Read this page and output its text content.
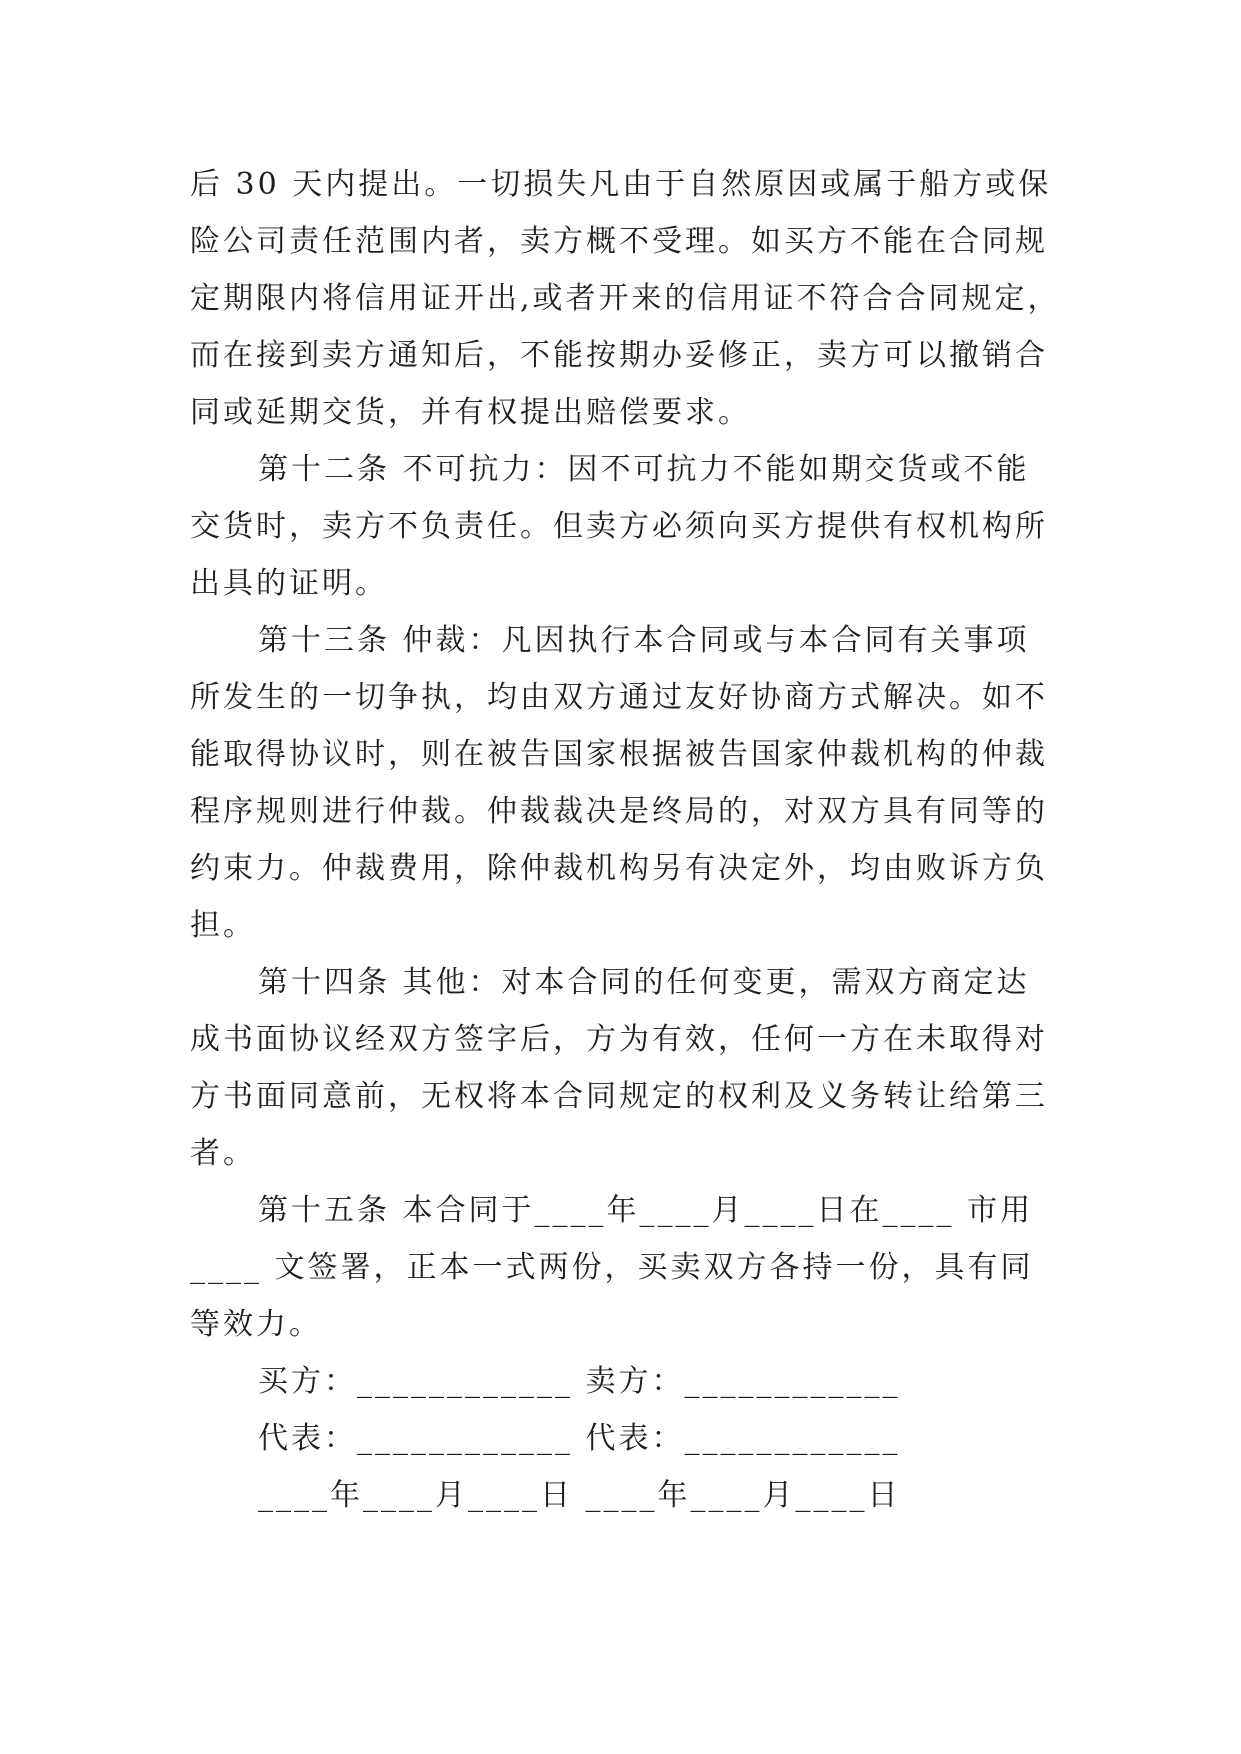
后 30 天内提出。一切损失凡由于自然原因或属于船方或保
险公司责任范围内者，卖方概不受理。如买方不能在合同规
定期限内将信用证开出,或者开来的信用证不符合合同规定，
而在接到卖方通知后，不能按期办妥修正，卖方可以撤销合
同或延期交货，并有权提出赔偿要求。
第十二条 不可抗力：因不可抗力不能如期交货或不能
交货时，卖方不负责任。但卖方必须向买方提供有权机构所
出具的证明。
第十三条 仲裁：凡因执行本合同或与本合同有关事项
所发生的一切争执，均由双方通过友好协商方式解决。如不
能取得协议时，则在被告国家根据被告国家仲裁机构的仲裁
程序规则进行仲裁。仲裁裁决是终局的，对双方具有同等的
约束力。仲裁费用，除仲裁机构另有决定外，均由败诉方负
担。
第十四条 其他：对本合同的任何变更，需双方商定达
成书面协议经双方签字后，方为有效，任何一方在未取得对
方书面同意前，无权将本合同规定的权利及义务转让给第三
者。
第十五条 本合同于____年____月____日在____ 市用
____ 文签署，正本一式两份，买卖双方各持一份，具有同
等效力。
买方：____________ 卖方：____________
代表：____________ 代表：____________
____年____月____日 ____年____月____日
